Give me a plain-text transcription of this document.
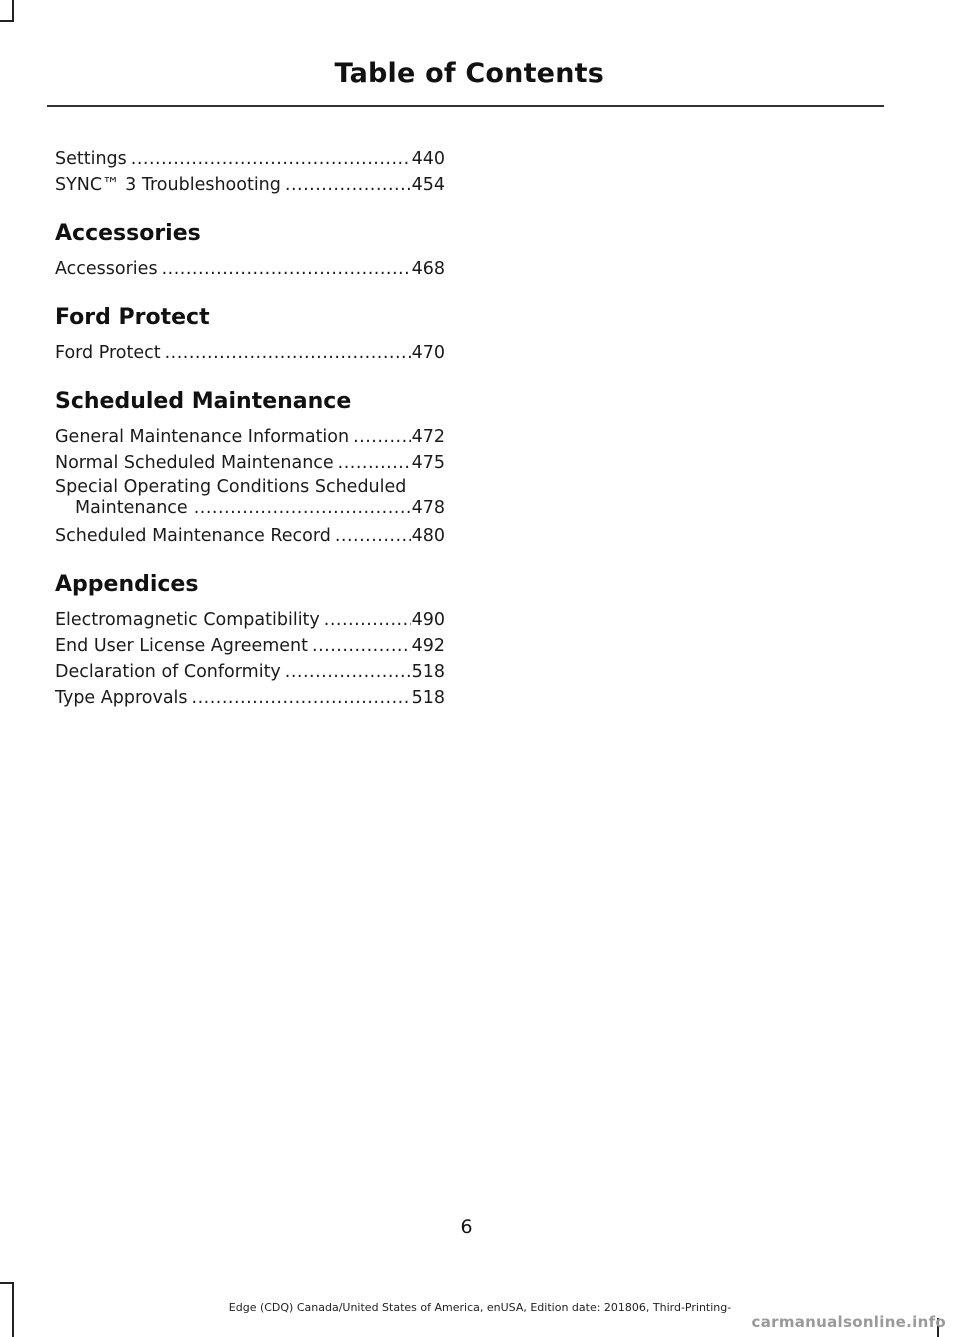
Table of Contents
Settings .....	440
SYNC™ 3 Troubleshooting .....	454
Accessories
Accessories .....	468
Ford Protect
Ford Protect .....	470
Scheduled Maintenance
General Maintenance Information .....	472
Normal Scheduled Maintenance .....	475
Special Operating Conditions Scheduled
Maintenance .....	478
Scheduled Maintenance Record .....	480
Appendices
Electromagnetic Compatibility .....	490
End User License Agreement .....	492
Declaration of Conformity .....	518
Type Approvals .....	518
6
Edge (CDQ) Canada/United States of America, enUSA, Edition date: 201806, Third-Printing-
carmanualsonline.info
